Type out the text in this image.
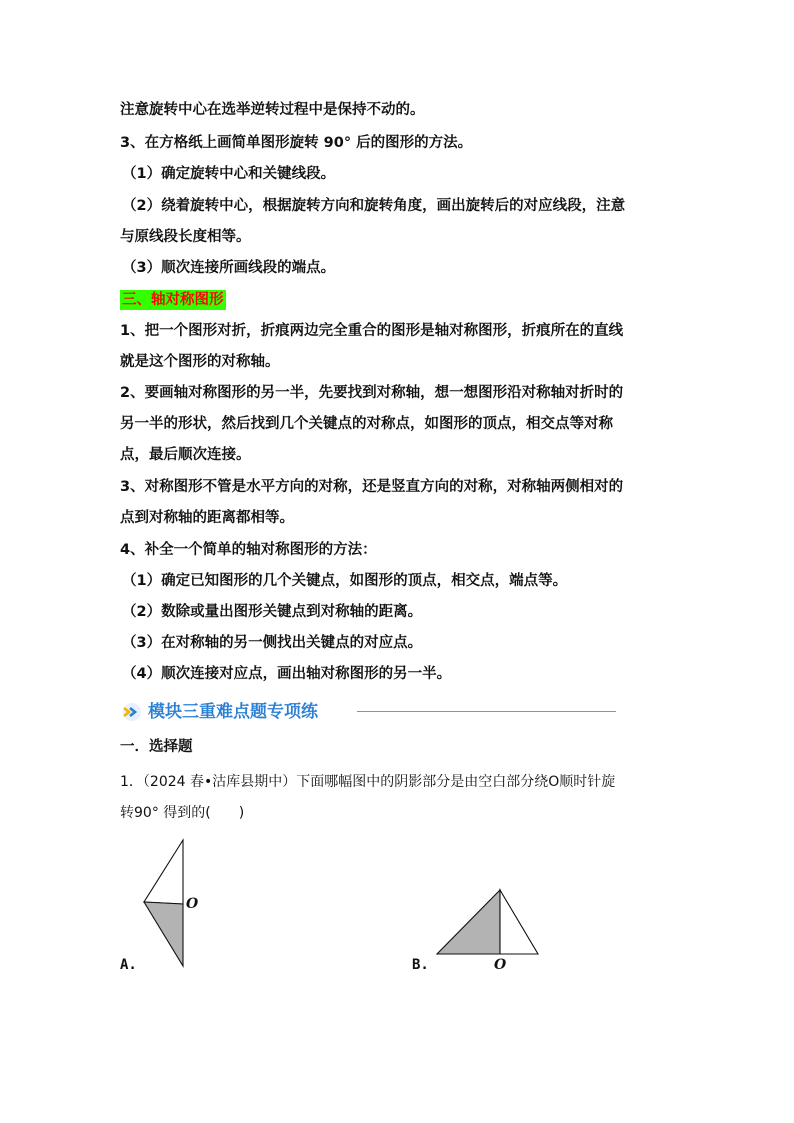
注意旋转中心在选举逆转过程中是保持不动的。
3、在方格纸上画简单图形旋转 90° 后的图形的方法。
（1）确定旋转中心和关键线段。
（2）绕着旋转中心，根据旋转方向和旋转角度，画出旋转后的对应线段，注意
与原线段长度相等。
（3）顺次连接所画线段的端点。
三、轴对称图形
1、把一个图形对折，折痕两边完全重合的图形是轴对称图形，折痕所在的直线
就是这个图形的对称轴。
2、要画轴对称图形的另一半，先要找到对称轴，想一想图形沿对称轴对折时的
另一半的形状，然后找到几个关键点的对称点，如图形的顶点，相交点等对称
点，最后顺次连接。
3、对称图形不管是水平方向的对称，还是竖直方向的对称，对称轴两侧相对的
点到对称轴的距离都相等。
4、补全一个简单的轴对称图形的方法：
（1）确定已知图形的几个关键点，如图形的顶点，相交点，端点等。
（2）数除或量出图形关键点到对称轴的距离。
（3）在对称轴的另一侧找出关键点的对应点。
（4）顺次连接对应点，画出轴对称图形的另一半。
模块三重难点题专项练
一．选择题
1．（2024 春•沽库县期中）下面哪幅图中的阴影部分是由空白部分绕O顺时针旋
转90° 得到的(　　)
O
A.	O
B.
